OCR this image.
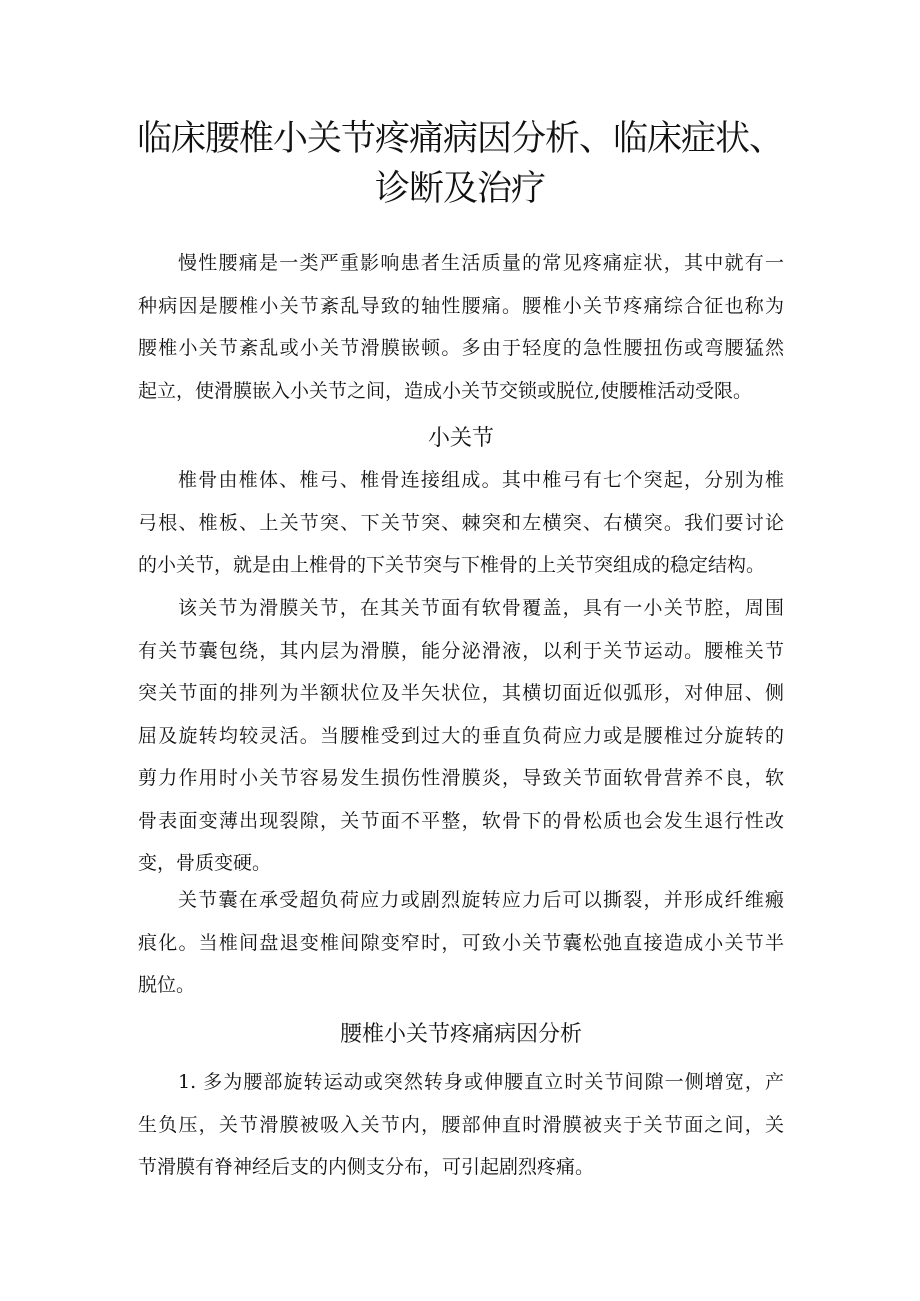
临床腰椎小关节疼痛病因分析、临床症状、
诊断及治疗

慢性腰痛是一类严重影响患者生活质量的常见疼痛症状，其中就有一
种病因是腰椎小关节紊乱导致的轴性腰痛。腰椎小关节疼痛综合征也称为
腰椎小关节紊乱或小关节滑膜嵌顿。多由于轻度的急性腰扭伤或弯腰猛然
起立，使滑膜嵌入小关节之间，造成小关节交锁或脱位,使腰椎活动受限。

小关节

椎骨由椎体、椎弓、椎骨连接组成。其中椎弓有七个突起，分别为椎
弓根、椎板、上关节突、下关节突、棘突和左横突、右横突。我们要讨论
的小关节，就是由上椎骨的下关节突与下椎骨的上关节突组成的稳定结构。

该关节为滑膜关节，在其关节面有软骨覆盖，具有一小关节腔，周围
有关节囊包绕，其内层为滑膜，能分泌滑液，以利于关节运动。腰椎关节
突关节面的排列为半额状位及半矢状位，其横切面近似弧形，对伸屈、侧
屈及旋转均较灵活。当腰椎受到过大的垂直负荷应力或是腰椎过分旋转的
剪力作用时小关节容易发生损伤性滑膜炎，导致关节面软骨营养不良，软
骨表面变薄出现裂隙，关节面不平整，软骨下的骨松质也会发生退行性改
变，骨质变硬。

关节囊在承受超负荷应力或剧烈旋转应力后可以撕裂，并形成纤维瘢
痕化。当椎间盘退变椎间隙变窄时，可致小关节囊松弛直接造成小关节半
脱位。

腰椎小关节疼痛病因分析

1. 多为腰部旋转运动或突然转身或伸腰直立时关节间隙一侧增宽，产
生负压，关节滑膜被吸入关节内，腰部伸直时滑膜被夹于关节面之间，关
节滑膜有脊神经后支的内侧支分布，可引起剧烈疼痛。
